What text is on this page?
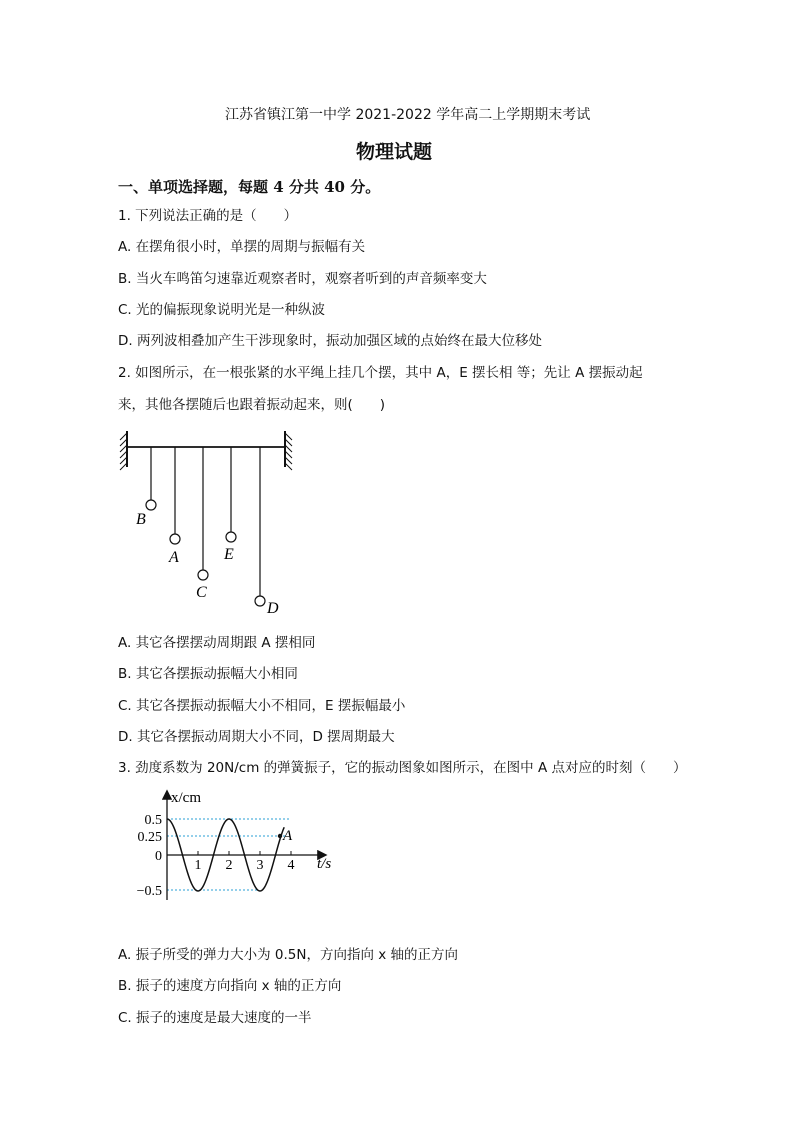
江苏省镇江第一中学 2021-2022 学年高二上学期期末考试
物理试题
一、单项选择题，每题 4 分共 40 分。
1. 下列说法正确的是（　　）
A. 在摆角很小时，单摆的周期与振幅有关
B. 当火车鸣笛匀速靠近观察者时，观察者听到的声音频率变大
C. 光的偏振现象说明光是一种纵波
D. 两列波相叠加产生干涉现象时，振动加强区域的点始终在最大位移处
2. 如图所示，在一根张紧的水平绳上挂几个摆，其中 A，E 摆长相 等；先让 A 摆振动起
来，其他各摆随后也跟着振动起来，则(　　)
B
A
C
E
D
A. 其它各摆摆动周期跟 A 摆相同
B. 其它各摆振动振幅大小相同
C. 其它各摆振动振幅大小不相同，E 摆振幅最小
D. 其它各摆振动周期大小不同，D 摆周期最大
3. 劲度系数为 20N/cm 的弹簧振子，它的振动图象如图所示，在图中 A 点对应的时刻（　　）
A
x/cm
t/s
0.5
0.25
0
−0.5
1 2 3 4
A. 振子所受的弹力大小为 0.5N，方向指向 x 轴的正方向
B. 振子的速度方向指向 x 轴的正方向
C. 振子的速度是最大速度的一半
